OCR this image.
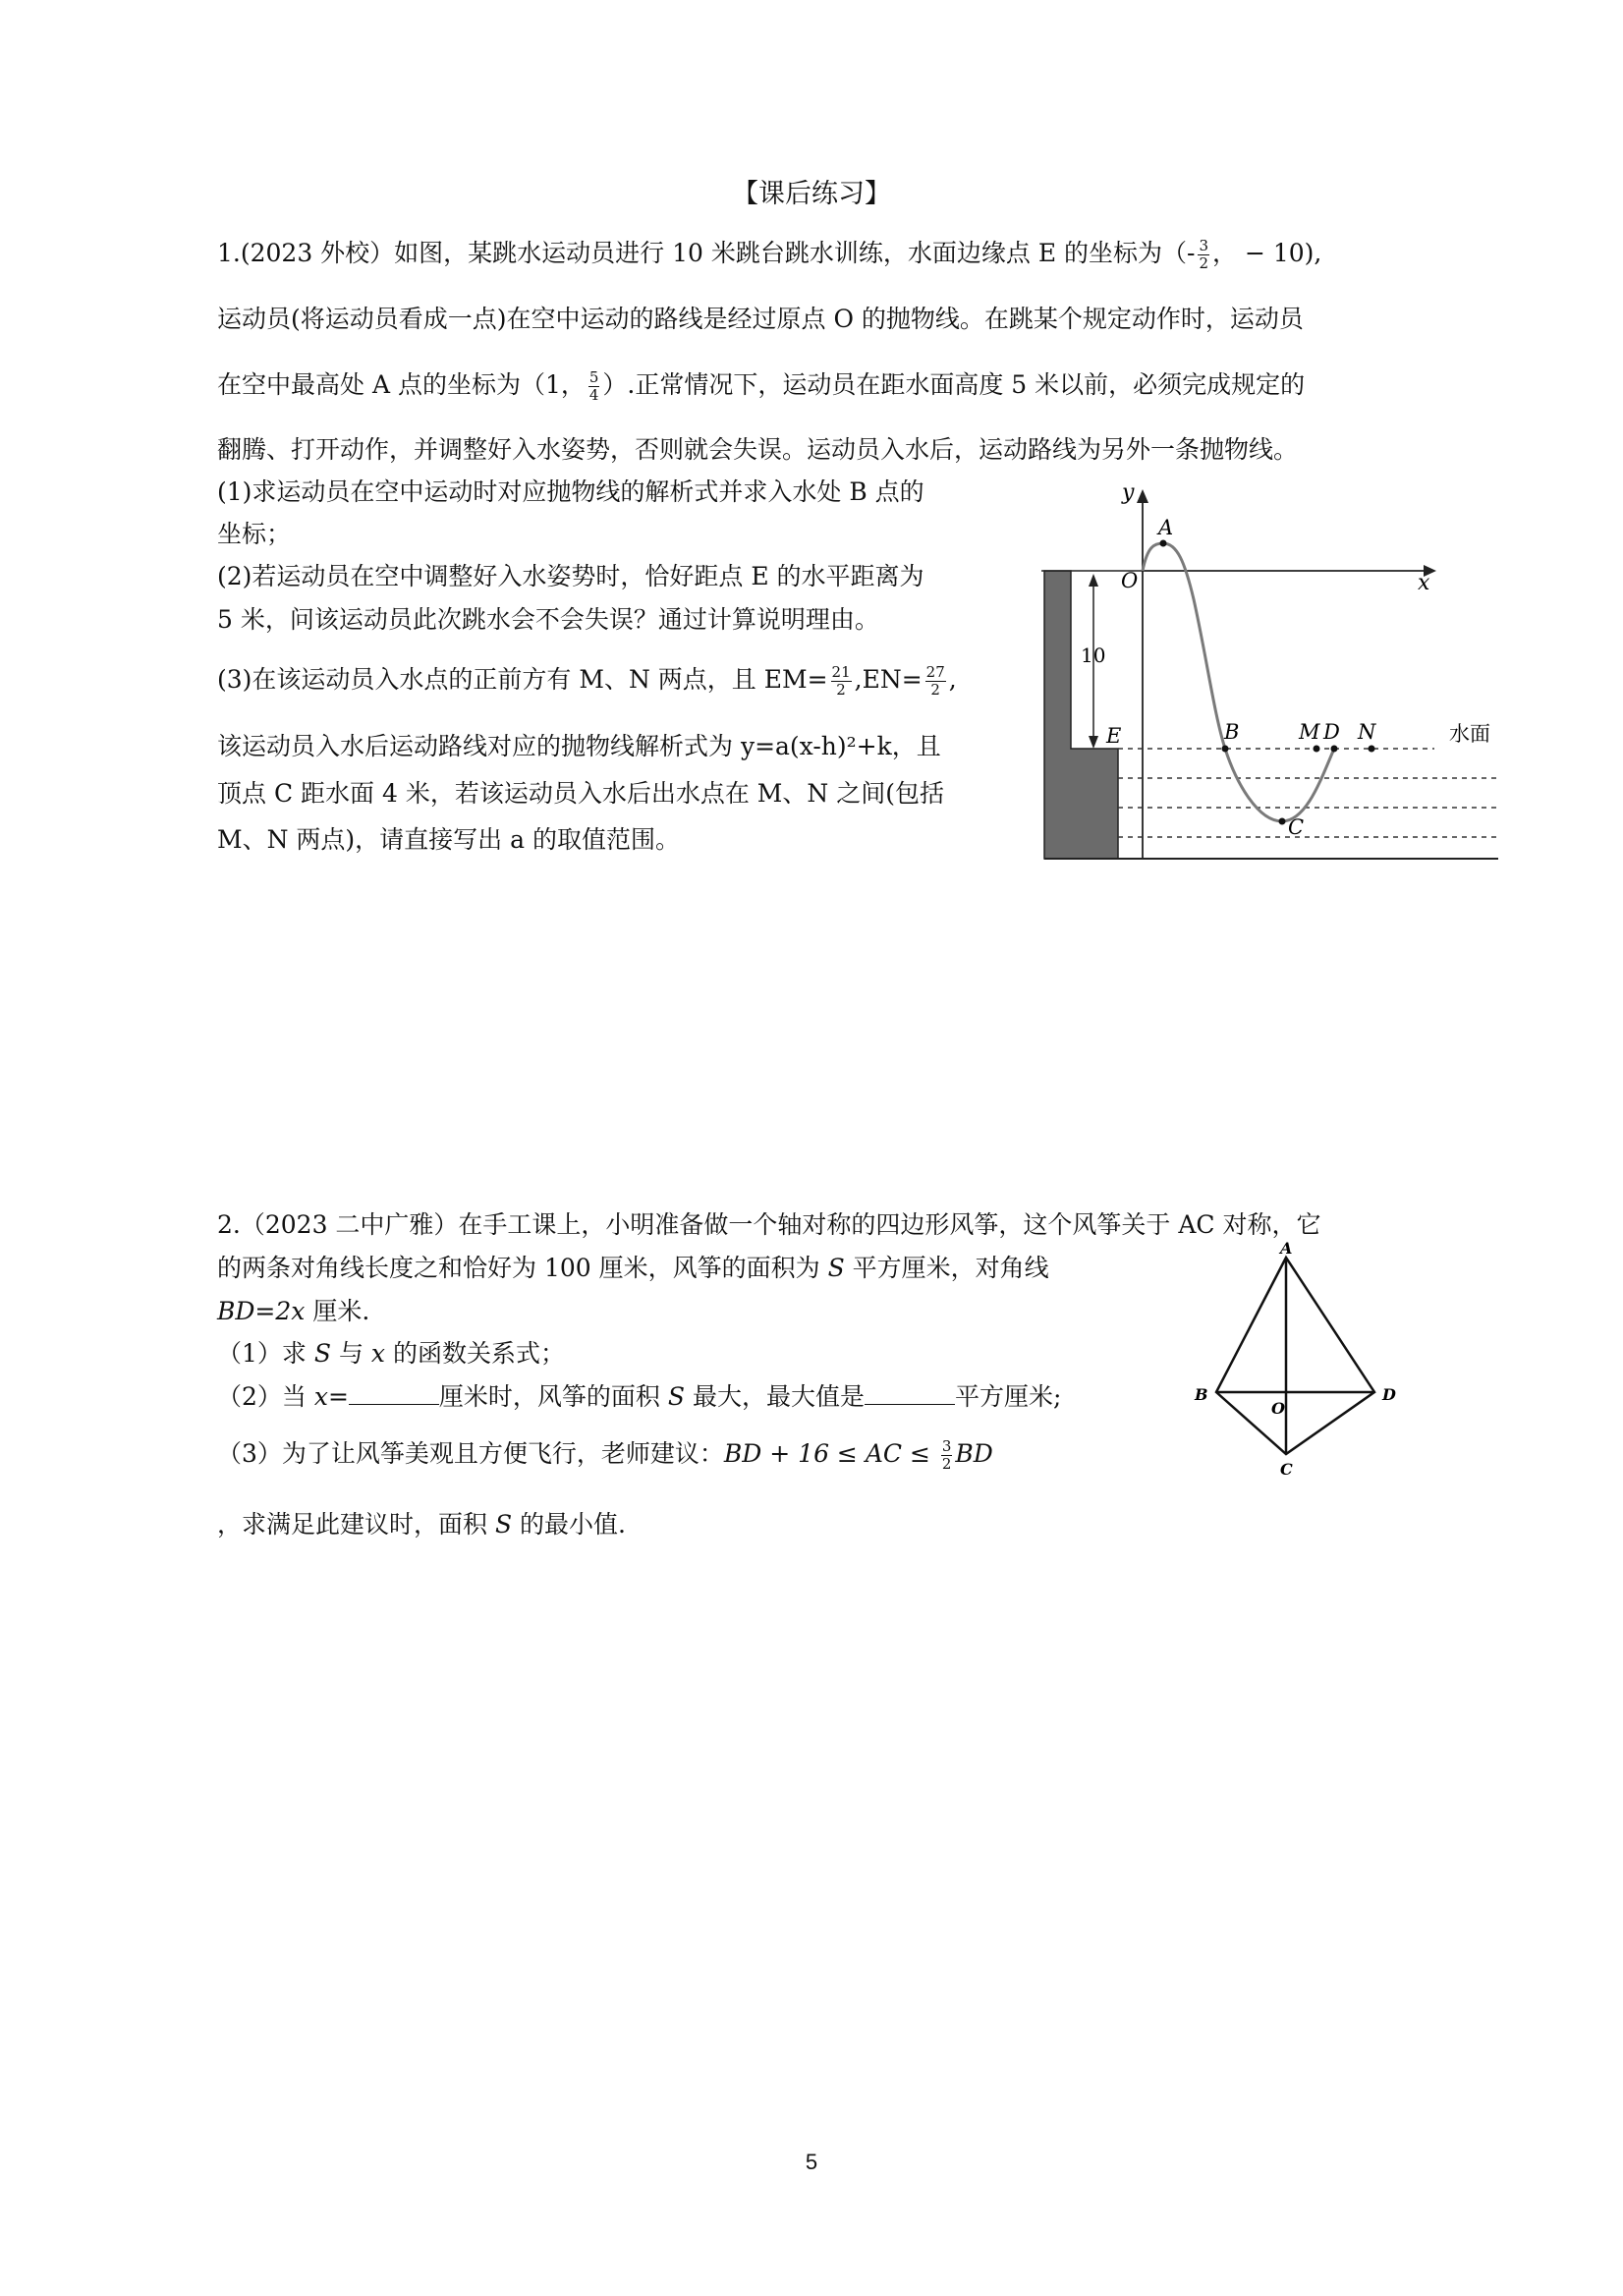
【课后练习】
1.(2023 外校）如图，某跳水运动员进行 10 米跳台跳水训练，水面边缘点 E 的坐标为（- $\frac{3}{2}$ ， − 10),
运动员(将运动员看成一点)在空中运动的路线是经过原点 O 的抛物线。在跳某个规定动作时，运动员
在空中最高处 A 点的坐标为（1， $\frac{5}{4}$ ）.正常情况下，运动员在距水面高度 5 米以前，必须完成规定的
翻腾、打开动作，并调整好入水姿势，否则就会失误。运动员入水后，运动路线为另外一条抛物线。
(1)求运动员在空中运动时对应抛物线的解析式并求入水处 B 点的
坐标；
(2)若运动员在空中调整好入水姿势时，恰好距点 E 的水平距离为
5 米，问该运动员此次跳水会不会失误？通过计算说明理由。
(3)在该运动员入水点的正前方有 M、N 两点，且 $EM= \frac{21}{2} ,EN= \frac{27}{2}$ ,
该运动员入水后运动路线对应的抛物线解析式为 y=a(x-h)²+k，且
顶点 C 距水面 4 米，若该运动员入水后出水点在 M、N 之间(包括
M、N 两点)，请直接写出 a 的取值范围。
y
x
O
A
10
E	B	M D N
C
水面
2.（2023 二中广雅）在手工课上，小明准备做一个轴对称的四边形风筝，这个风筝关于 AC 对称，它
的两条对角线长度之和恰好为 100 厘米，风筝的面积为 S 平方厘米，对角线
BD=2x 厘米.
（1）求 S 与 x 的函数关系式；
（2）当 x=	厘米时，风筝的面积 S 最大，最大值是	平方厘米;
（3）为了让风筝美观且方便飞行，老师建议：BD + 16 ≤ AC ≤ $\frac{3}{2}$ BD
，求满足此建议时，面积 S 的最小值.
A
B	D
C
O
5
